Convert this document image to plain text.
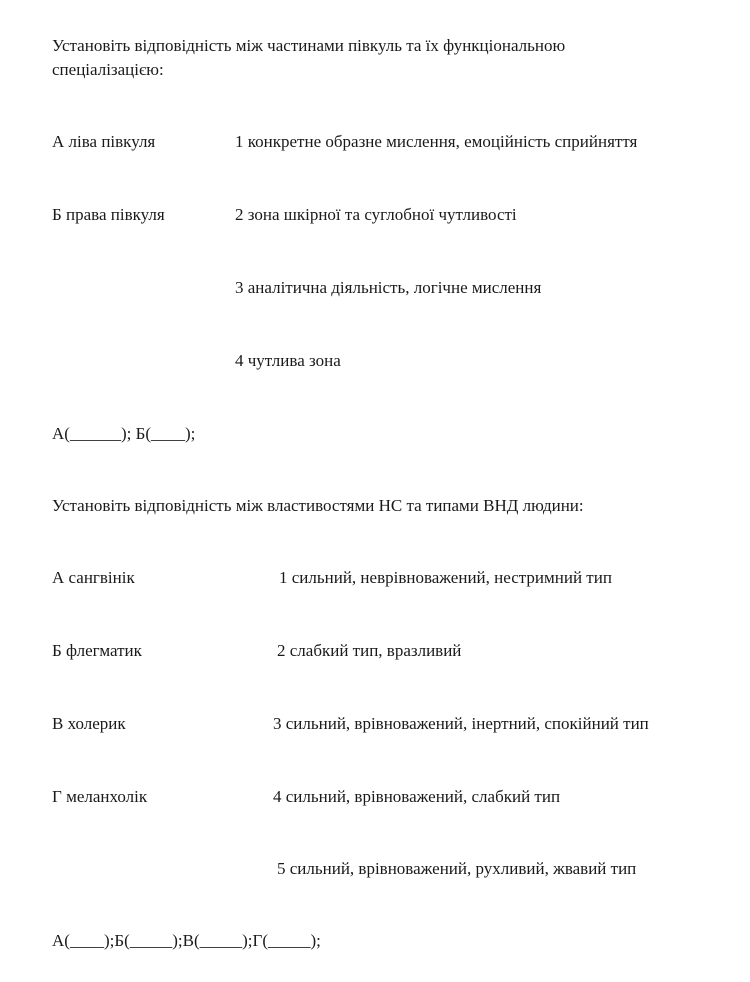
Установіть відповідність між частинами півкуль та їх функціональною
спеціалізацією:
А ліва півкуля	1 конкретне образне мислення, емоційність сприйняття
Б права півкуля	2 зона шкірної та суглобної чутливості
3 аналітична діяльність, логічне мислення
4 чутлива зона
А(______); Б(____);
Установіть відповідність між властивостями НС та типами ВНД людини:
А сангвінік	1 сильний, неврівноважений, нестримний тип
Б флегматик	2 слабкий тип, вразливий
В холерик	3 сильний, врівноважений, інертний, спокійний тип
Г меланхолік	4 сильний, врівноважений, слабкий тип
5 сильний, врівноважений, рухливий, жвавий тип
А(____);Б(_____);В(_____);Г(_____);
